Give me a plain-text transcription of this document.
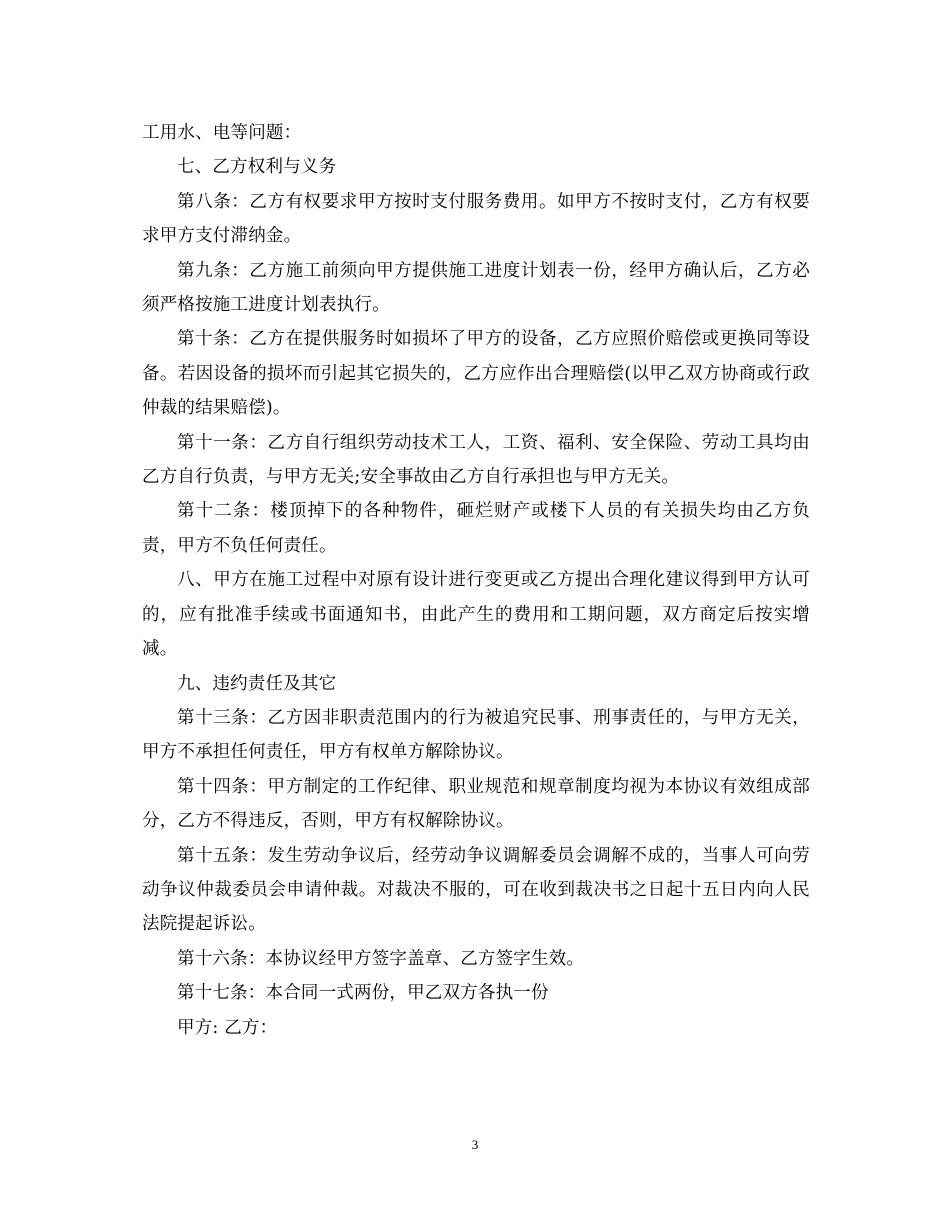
工用水、电等问题：

七、乙方权利与义务

第八条：乙方有权要求甲方按时支付服务费用。如甲方不按时支付，乙方有权要求甲方支付滞纳金。

第九条：乙方施工前须向甲方提供施工进度计划表一份，经甲方确认后，乙方必须严格按施工进度计划表执行。

第十条：乙方在提供服务时如损坏了甲方的设备，乙方应照价赔偿或更换同等设备。若因设备的损坏而引起其它损失的，乙方应作出合理赔偿(以甲乙双方协商或行政仲裁的结果赔偿)。

第十一条：乙方自行组织劳动技术工人，工资、福利、安全保险、劳动工具均由乙方自行负责，与甲方无关;安全事故由乙方自行承担也与甲方无关。

第十二条：楼顶掉下的各种物件，砸烂财产或楼下人员的有关损失均由乙方负责，甲方不负任何责任。

八、甲方在施工过程中对原有设计进行变更或乙方提出合理化建议得到甲方认可的，应有批准手续或书面通知书，由此产生的费用和工期问题，双方商定后按实增减。

九、违约责任及其它

第十三条：乙方因非职责范围内的行为被追究民事、刑事责任的，与甲方无关，甲方不承担任何责任，甲方有权单方解除协议。

第十四条：甲方制定的工作纪律、职业规范和规章制度均视为本协议有效组成部分，乙方不得违反，否则，甲方有权解除协议。

第十五条：发生劳动争议后，经劳动争议调解委员会调解不成的，当事人可向劳动争议仲裁委员会申请仲裁。对裁决不服的，可在收到裁决书之日起十五日内向人民法院提起诉讼。

第十六条：本协议经甲方签字盖章、乙方签字生效。

第十七条：本合同一式两份，甲乙双方各执一份

甲方: 乙方：

3
